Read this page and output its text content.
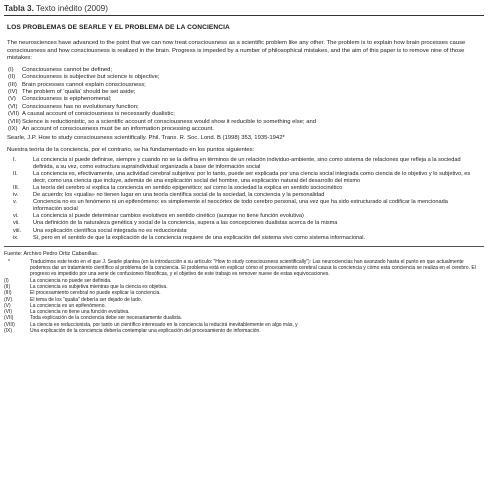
Tabla 3. Texto inédito (2009)
LOS PROBLEMAS DE SEARLE Y EL PROBLEMA DE LA CONCIENCIA

The neurosciences have advanced to the point that we can now treat consciousness as a scientific problem like any other. The problem is to explain how brain processes cause consciousness and how consciousness is realized in the brain. Progress is impeded by a number of philosophical mistakes, and the aim of this paper is to remove nine of those mistakes:

(I)	Consciousness cannot be defined;
(II)	Consciousness is subjective but science is objective;
(III) Brain processes cannot explain consciousness;
(IV) The problem of ‘qualia’ should be set aside;
(V)	Consciousness is epiphenomenal;
(VI) Consciousness has no evolutionary function;
(VII) A causal account of consciousness is necessarily dualistic;
(VIII) Science is reductionistic, so a scientific account of consciousness would show it reducible to something else; and
(IX) An account of consciousness must be an information processing account.

Searle, J.P. How to study consciousness scientifically. Phil. Trans. R. Soc. Lond. B (1998) 353, 1935-1942*

Nuestra teoría de la conciencia, por el contrario, se ha fundamentado en los puntos siguientes:

I.	La conciencia sí puede definirse, siempre y cuando no se la defina en términos de un relación individuo-ambiente, sino como sistema de relaciones que refleja a la sociedad definida, a su vez, como estructura supraindividual organizada a base de información social
II.	La conciencia es, efectivamente, una actividad cerebral subjetiva: por lo tanto, puede ser explicada por una ciencia social integrada como ciencia de lo objetivo y lo subjetivo, es decir, como una ciencia que incluye, además de una explicación social del hombre, una explicación natural del desarrollo del mismo
III.	La teoría del cerebro sí explica la conciencia en sentido epigenético; así como la sociedad la explica en sentido sociocinético
iv.	De acuerdo; los «qualia» no tienen lugar en una teoría científica social de la sociedad, la conciencia y la personalidad
v.	Conciencia no es un fenómeno ni un epifenómeno: es simplemente el neocórtex de todo cerebro personal, una vez que ha sido estructurado al codificar la mencionada información social
vi.	La conciencia sí puede determinar cambios evolutivos en sentido cinético (aunque no tiene función evolutiva)
vii.	Una definición de la naturaleza genética y social de la conciencia, supera a las concepciones dualistas acerca de la misma
viii.	Una explicación científica social integrada no es reduccionista
ix.	Sí, pero en el sentido de que la explicación de la conciencia requiere de una explicación del sistema vivo como sistema informacional.

Fuente: Archivo Pedro Ortiz Cabanillas.

*	Traducimos este texto en el que J. Searle plantea (en la introducción a su artículo: “How to study consciousness scientifically”): Las neurociencias han avanzado hasta el punto en que actualmente podemos dar un tratamiento científico al problema de la conciencia. El problema está en explicar cómo el procesamiento cerebral causa la conciencia y cómo esta conciencia se realiza en el cerebro. El progreso es impedido por una serie de confusiones filosóficas, y el objetivo de este trabajo es remover nueve de estas equivocaciones.
(I)	La conciencia no puede ser definida.
(II)	La conciencia es subjetiva mientras que la ciencia es objetiva.
(III)	El procesamiento cerebral no puede explicar la conciencia.
(IV)	El tema de los “qualia” debería ser dejado de lado.
(V)	La conciencia es un epifenómeno.
(VI)	La conciencia no tiene una función evolutiva.
(VII)	Toda explicación de la conciencia debe ser necesariamente dualista.
(VIII)	La ciencia es reduccionista, por tanto un científico interesado en la conciencia la reducirá inevitablemente en algo más, y
(IX)	Una explicación de la conciencia debería contemplar una explicación del procesamiento de información.
